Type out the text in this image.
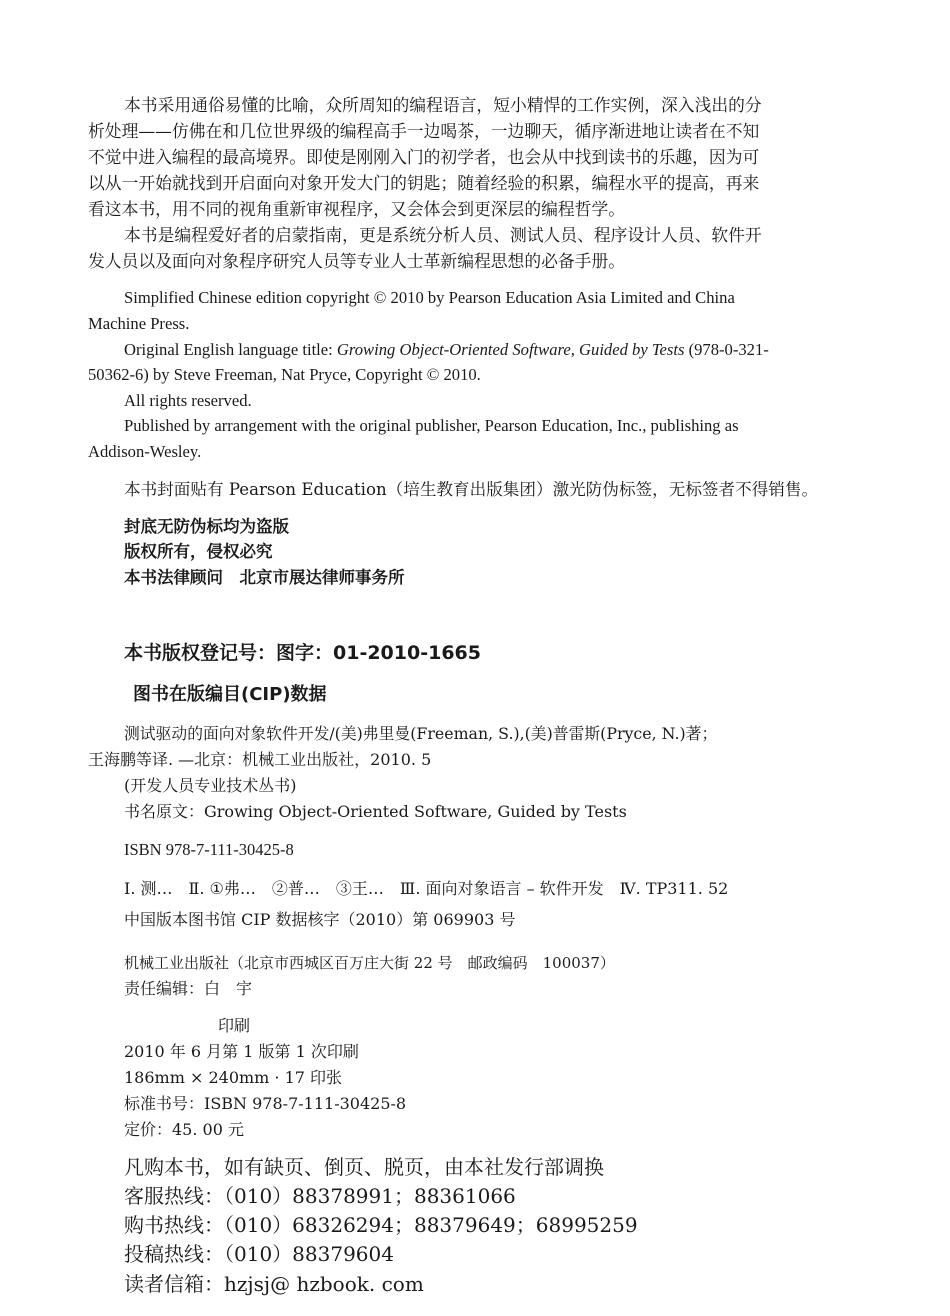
本书采用通俗易懂的比喻，众所周知的编程语言，短小精悍的工作实例，深入浅出的分
析处理——仿佛在和几位世界级的编程高手一边喝茶，一边聊天，循序渐进地让读者在不知
不觉中进入编程的最高境界。即使是刚刚入门的初学者，也会从中找到读书的乐趣，因为可
以从一开始就找到开启面向对象开发大门的钥匙；随着经验的积累，编程水平的提高，再来
看这本书，用不同的视角重新审视程序，又会体会到更深层的编程哲学。
本书是编程爱好者的启蒙指南，更是系统分析人员、测试人员、程序设计人员、软件开
发人员以及面向对象程序研究人员等专业人士革新编程思想的必备手册。
Simplified Chinese edition copyright © 2010 by Pearson Education Asia Limited and China
Machine Press.
Original English language title: Growing Object-Oriented Software, Guided by Tests (978-0-321-
50362-6) by Steve Freeman, Nat Pryce, Copyright © 2010.
All rights reserved.
Published by arrangement with the original publisher, Pearson Education, Inc., publishing as
Addison-Wesley.
本书封面贴有 Pearson Education（培生教育出版集团）激光防伪标签，无标签者不得销售。
封底无防伪标均为盗版
版权所有，侵权必究
本书法律顾问　北京市展达律师事务所
本书版权登记号：图字：01-2010-1665
图书在版编目(CIP)数据
测试驱动的面向对象软件开发/(美)弗里曼(Freeman, S.),(美)普雷斯(Pryce, N.)著；
王海鹏等译. —北京：机械工业出版社，2010. 5
(开发人员专业技术丛书)
书名原文：Growing Object-Oriented Software, Guided by Tests
ISBN 978-7-111-30425-8
Ⅰ. 测…　Ⅱ. ①弗…　②普…　③王…　Ⅲ. 面向对象语言 – 软件开发　Ⅳ. TP311. 52
中国版本图书馆 CIP 数据核字（2010）第 069903 号
机械工业出版社（北京市西城区百万庄大街 22 号　邮政编码　100037）
责任编辑：白　宇
印刷
2010 年 6 月第 1 版第 1 次印刷
186mm × 240mm · 17 印张
标准书号：ISBN 978-7-111-30425-8
定价：45. 00 元
凡购本书，如有缺页、倒页、脱页，由本社发行部调换
客服热线：（010）88378991；88361066
购书热线：（010）68326294；88379649；68995259
投稿热线：（010）88379604
读者信箱：hzjsj@ hzbook. com
